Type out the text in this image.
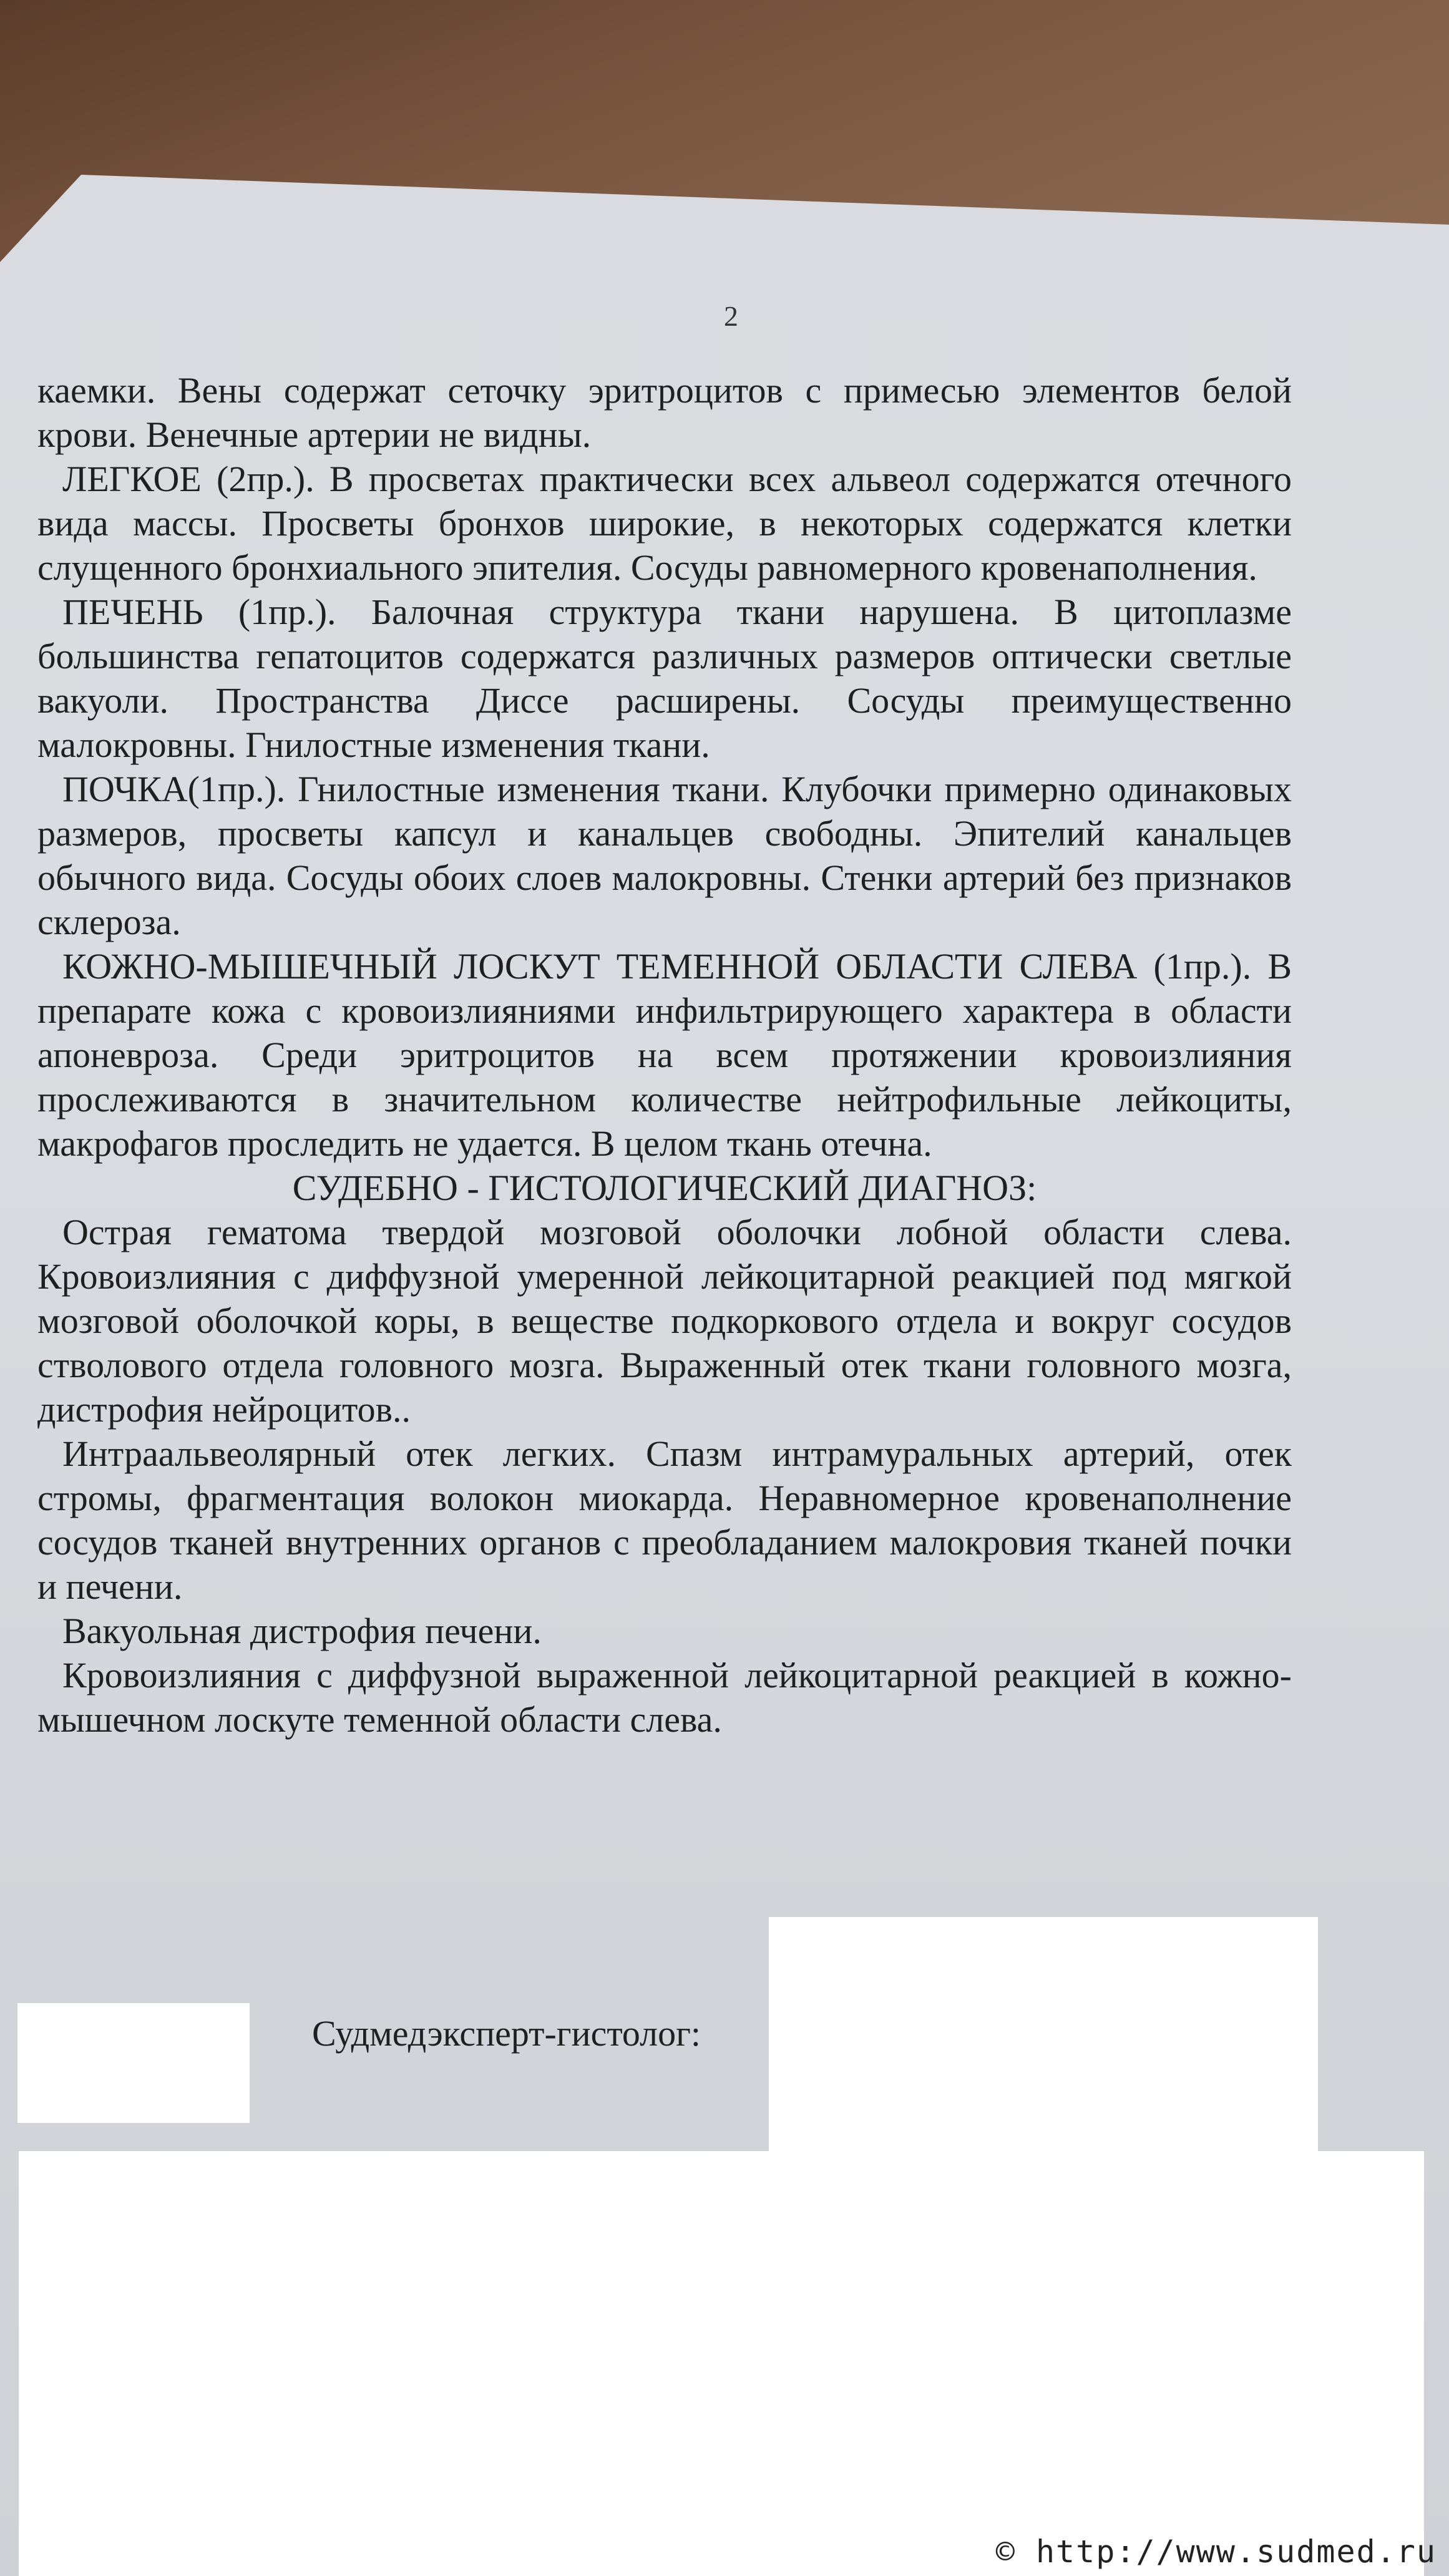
2

каемки. Вены содержат сеточку эритроцитов с примесью элементов белой крови. Венечные артерии не видны.

ЛЕГКОЕ (2пр.). В просветах практически всех альвеол содержатся отечного вида массы. Просветы бронхов широкие, в некоторых содержатся клетки слущенного бронхиального эпителия. Сосуды равномерного кровенаполнения.

ПЕЧЕНЬ (1пр.). Балочная структура ткани нарушена. В цитоплазме большинства гепатоцитов содержатся различных размеров оптически светлые вакуоли. Пространства Диссе расширены. Сосуды преимущественно малокровны. Гнилостные изменения ткани.

ПОЧКА(1пр.). Гнилостные изменения ткани. Клубочки примерно одинаковых размеров, просветы капсул и канальцев свободны. Эпителий канальцев обычного вида. Сосуды обоих слоев малокровны. Стенки артерий без признаков склероза.

КОЖНО-МЫШЕЧНЫЙ ЛОСКУТ ТЕМЕННОЙ ОБЛАСТИ СЛЕВА (1пр.). В препарате кожа с кровоизлияниями инфильтрирующего характера в области апоневроза. Среди эритроцитов на всем протяжении кровоизлияния прослеживаются в значительном количестве нейтрофильные лейкоциты, макрофагов проследить не удается. В целом ткань отечна.

СУДЕБНО - ГИСТОЛОГИЧЕСКИЙ ДИАГНОЗ:

Острая гематома твердой мозговой оболочки лобной области слева. Кровоизлияния с диффузной умеренной лейкоцитарной реакцией под мягкой мозговой оболочкой коры, в веществе подкоркового отдела и вокруг сосудов стволового отдела головного мозга. Выраженный отек ткани головного мозга, дистрофия нейроцитов..

Интраальвеолярный отек легких. Спазм интрамуральных артерий, отек стромы, фрагментация волокон миокарда. Неравномерное кровенаполнение сосудов тканей внутренних органов с преобладанием малокровия тканей почки и печени.

Вакуольная дистрофия печени.

Кровоизлияния с диффузной выраженной лейкоцитарной реакцией в кожно-мышечном лоскуте теменной области слева.

Судмедэксперт-гистолог:
© http://www.sudmed.ru
